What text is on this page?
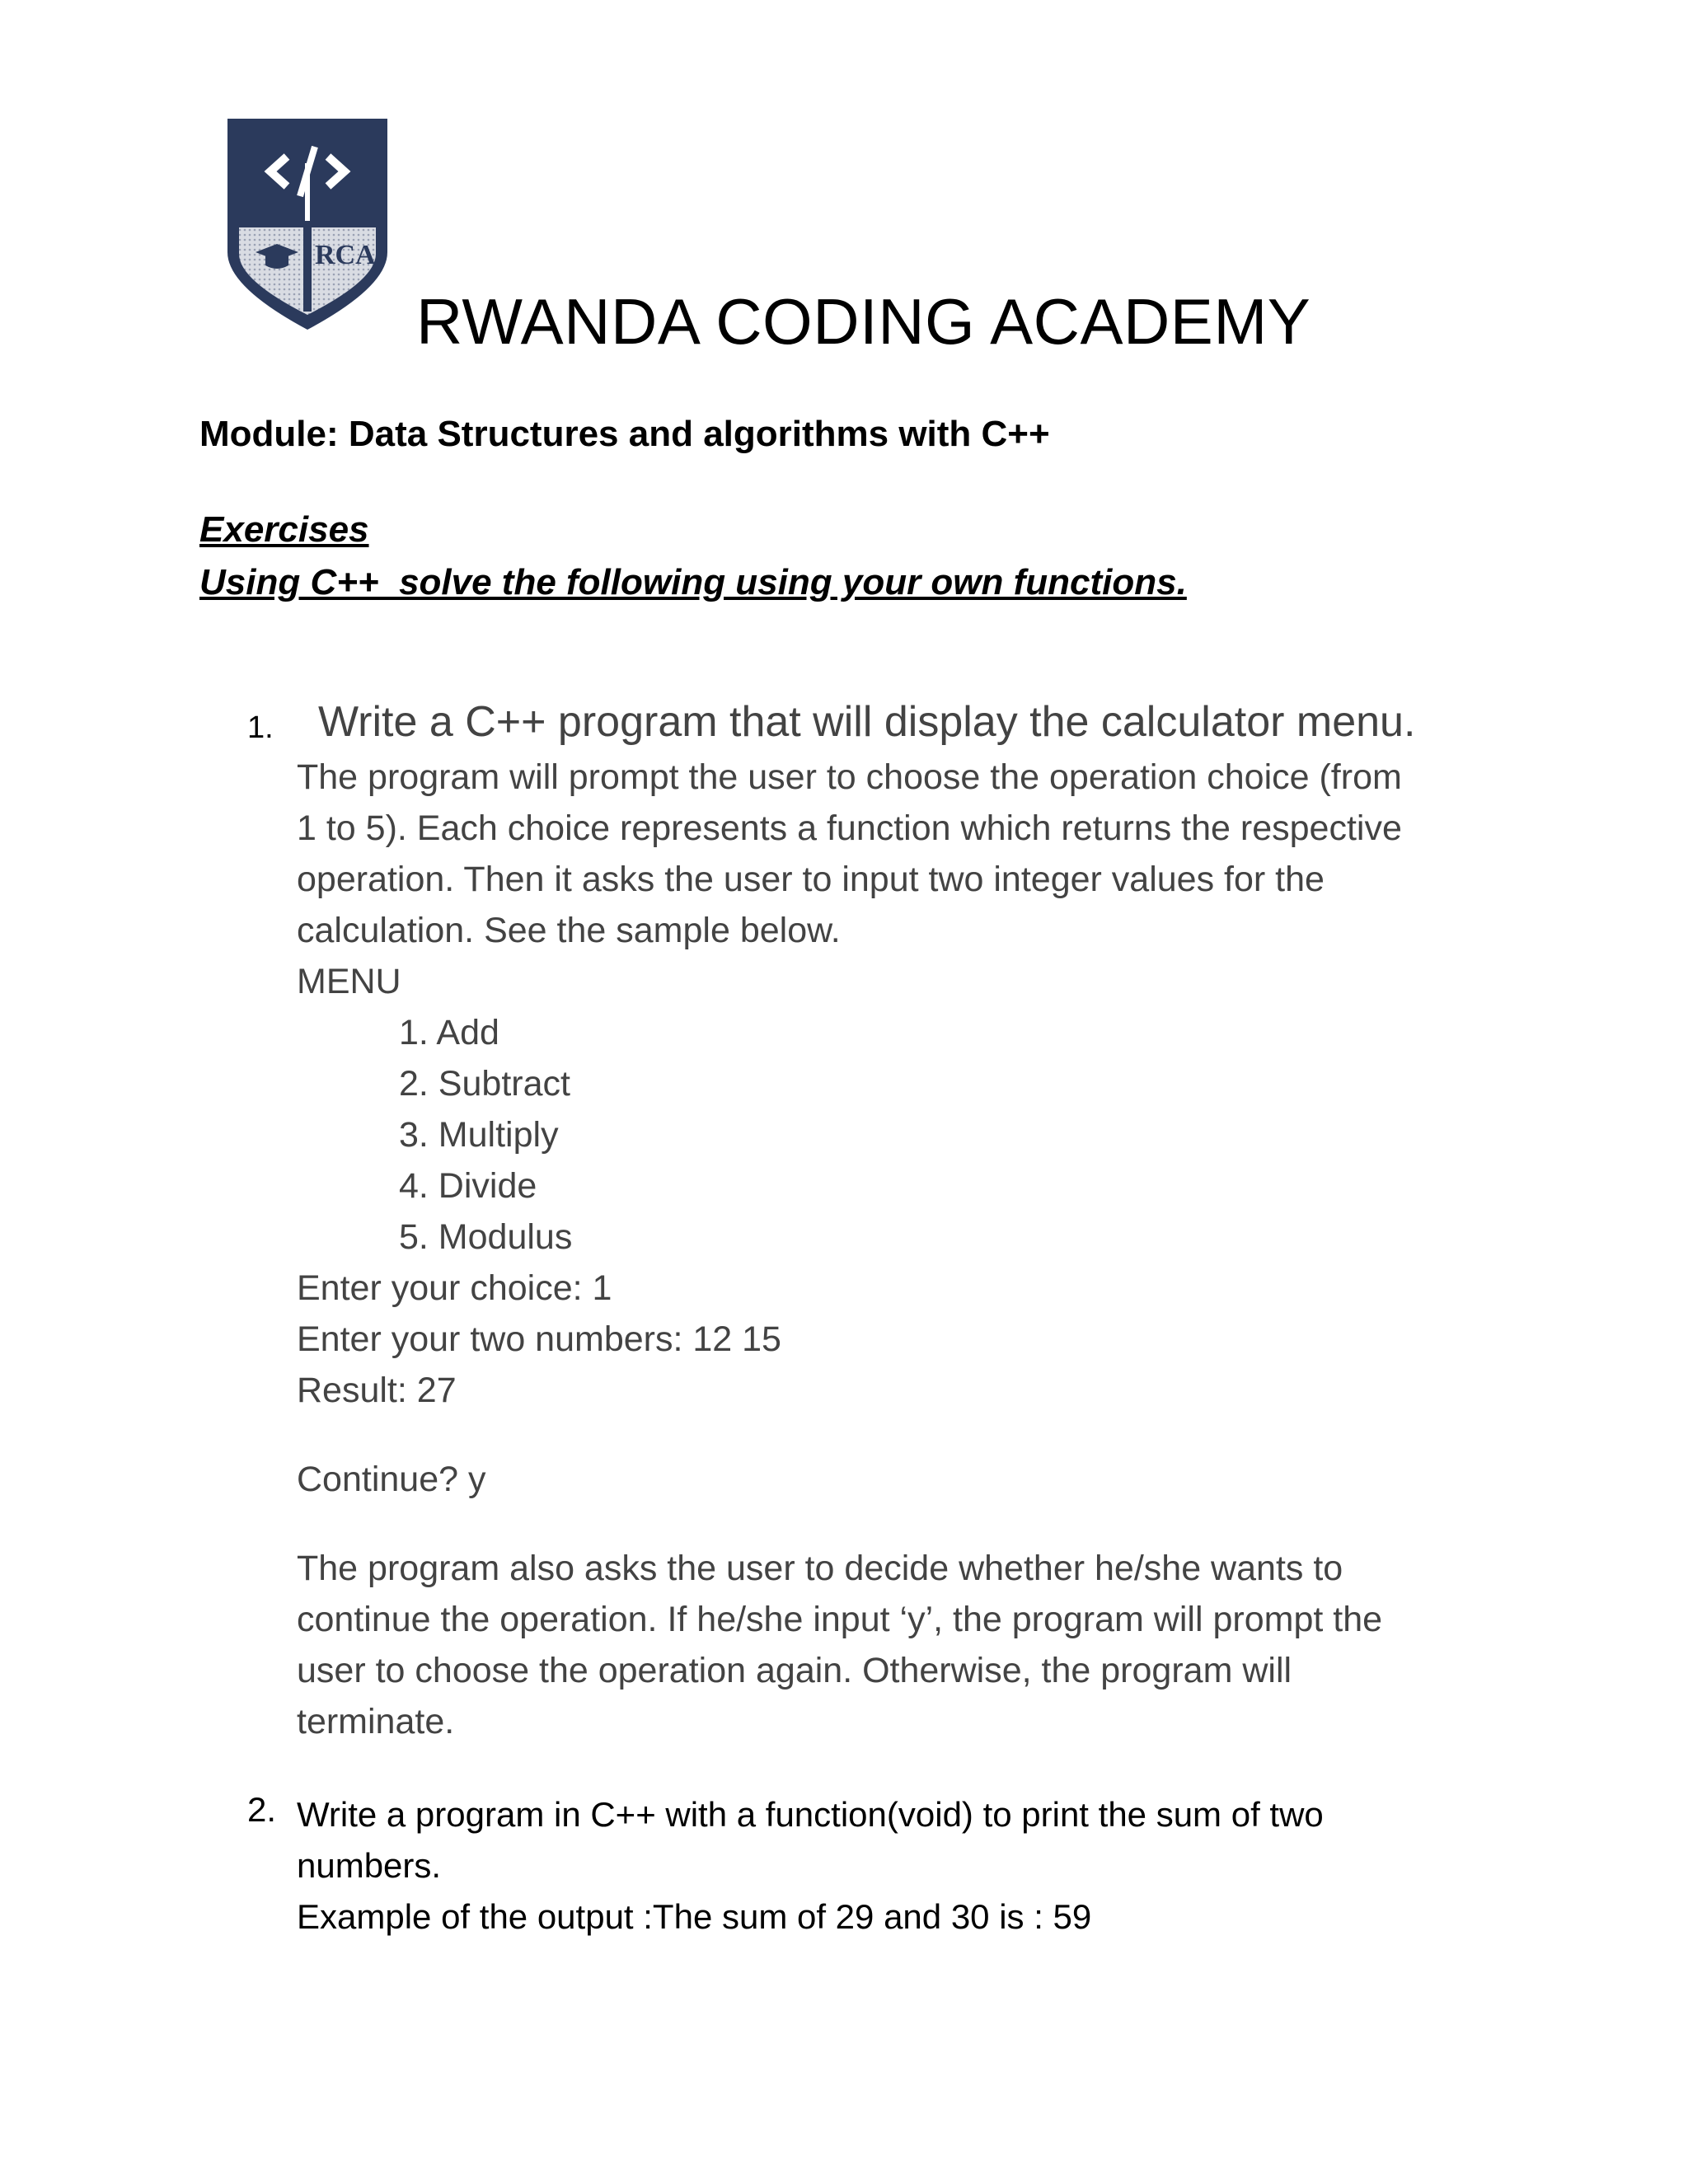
RCA
RWANDA CODING ACADEMY
Module: Data Structures and algorithms with C++
Exercises
Using C++  solve the following using your own functions.
1. Write a C++ program that will display the calculator menu.
The program will prompt the user to choose the operation choice (from
1 to 5). Each choice represents a function which returns the respective
operation. Then it asks the user to input two integer values for the
calculation. See the sample below.
MENU
1. Add
2. Subtract
3. Multiply
4. Divide
5. Modulus
Enter your choice: 1
Enter your two numbers: 12 15
Result: 27
Continue? y
The program also asks the user to decide whether he/she wants to
continue the operation. If he/she input ‘y’, the program will prompt the
user to choose the operation again. Otherwise, the program will
terminate.
2. Write a program in C++ with a function(void) to print the sum of two
numbers.
Example of the output :The sum of 29 and 30 is : 59
